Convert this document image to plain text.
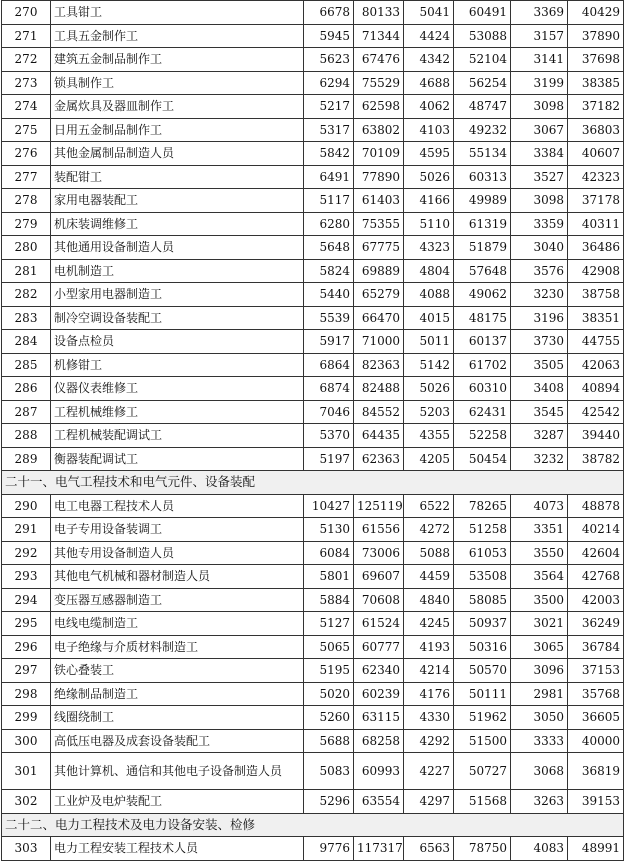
270	工具钳工	6678	80133	5041	60491	3369	40429
271	工具五金制作工	5945	71344	4424	53088	3157	37890
272	建筑五金制品制作工	5623	67476	4342	52104	3141	37698
273	锁具制作工	6294	75529	4688	56254	3199	38385
274	金属炊具及器皿制作工	5217	62598	4062	48747	3098	37182
275	日用五金制品制作工	5317	63802	4103	49232	3067	36803
276	其他金属制品制造人员	5842	70109	4595	55134	3384	40607
277	装配钳工	6491	77890	5026	60313	3527	42323
278	家用电器装配工	5117	61403	4166	49989	3098	37178
279	机床装调维修工	6280	75355	5110	61319	3359	40311
280	其他通用设备制造人员	5648	67775	4323	51879	3040	36486
281	电机制造工	5824	69889	4804	57648	3576	42908
282	小型家用电器制造工	5440	65279	4088	49062	3230	38758
283	制冷空调设备装配工	5539	66470	4015	48175	3196	38351
284	设备点检员	5917	71000	5011	60137	3730	44755
285	机修钳工	6864	82363	5142	61702	3505	42063
286	仪器仪表维修工	6874	82488	5026	60310	3408	40894
287	工程机械维修工	7046	84552	5203	62431	3545	42542
288	工程机械装配调试工	5370	64435	4355	52258	3287	39440
289	衡器装配调试工	5197	62363	4205	50454	3232	38782
二十一、电气工程技术和电气元件、设备装配							
290	电工电器工程技术人员	10427	125119	6522	78265	4073	48878
291	电子专用设备装调工	5130	61556	4272	51258	3351	40214
292	其他专用设备制造人员	6084	73006	5088	61053	3550	42604
293	其他电气机械和器材制造人员	5801	69607	4459	53508	3564	42768
294	变压器互感器制造工	5884	70608	4840	58085	3500	42003
295	电线电缆制造工	5127	61524	4245	50937	3021	36249
296	电子绝缘与介质材料制造工	5065	60777	4193	50316	3065	36784
297	铁心叠装工	5195	62340	4214	50570	3096	37153
298	绝缘制品制造工	5020	60239	4176	50111	2981	35768
299	线圈绕制工	5260	63115	4330	51962	3050	36605
300	高低压电器及成套设备装配工	5688	68258	4292	51500	3333	40000
301	其他计算机、通信和其他电子设备制造人员	5083	60993	4227	50727	3068	36819
302	工业炉及电炉装配工	5296	63554	4297	51568	3263	39153
二十二、电力工程技术及电力设备安装、检修							
303	电力工程安装工程技术人员	9776	117317	6563	78750	4083	48991
